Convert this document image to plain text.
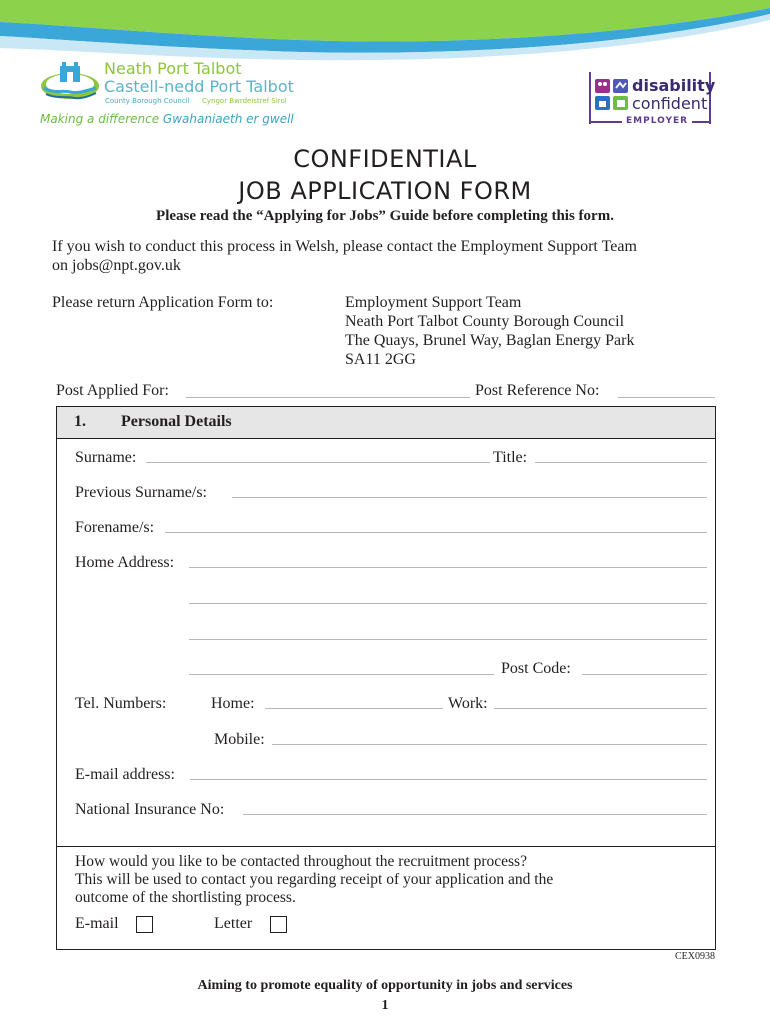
Neath Port Talbot
Castell-nedd Port Talbot
County Borough Council Cyngor Bwrdeistref Sirol
Making a difference Gwahaniaeth er gwell
disability
confident
EMPLOYER
CONFIDENTIAL
JOB APPLICATION FORM
Please read the “Applying for Jobs” Guide before completing this form.
If you wish to conduct this process in Welsh, please contact the Employment Support Team
on jobs@npt.gov.uk
Please return Application Form to:	Employment Support Team
Neath Port Talbot County Borough Council
The Quays, Brunel Way, Baglan Energy Park
SA11 2GG
Post Applied For:	Post Reference No:
1. Personal Details
Surname:	Title:
Previous Surname/s:
Forename/s:
Home Address:
Post Code:
Tel. Numbers:	Home:	Work:
Mobile:
E-mail address:
National Insurance No:
How would you like to be contacted throughout the recruitment process?
This will be used to contact you regarding receipt of your application and the
outcome of the shortlisting process.
E-mail	Letter
CEX0938
Aiming to promote equality of opportunity in jobs and services
1
